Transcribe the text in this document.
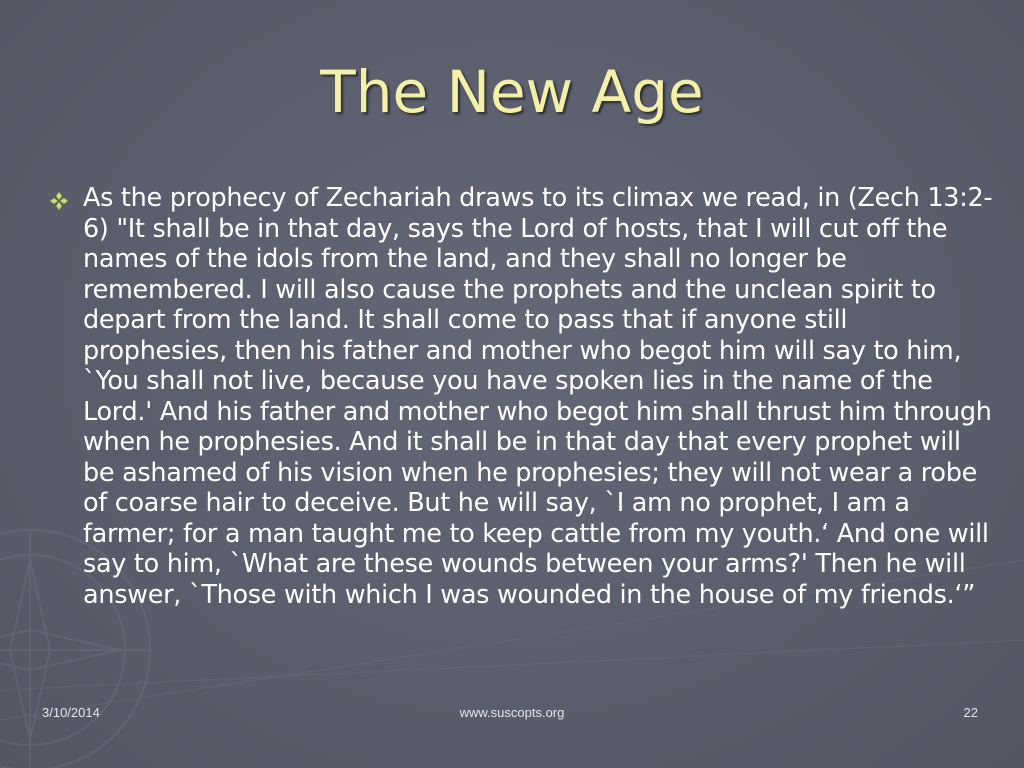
The New Age
As the prophecy of Zechariah draws to its climax we read, in (Zech 13:2-6) "It shall be in that day, says the Lord of hosts, that I will cut off the names of the idols from the land, and they shall no longer be remembered. I will also cause the prophets and the unclean spirit to depart from the land. It shall come to pass that if anyone still prophesies, then his father and mother who begot him will say to him, `You shall not live, because you have spoken lies in the name of the Lord.' And his father and mother who begot him shall thrust him through when he prophesies. And it shall be in that day that every prophet will be ashamed of his vision when he prophesies; they will not wear a robe of coarse hair to deceive. But he will say, `I am no prophet, I am a farmer; for a man taught me to keep cattle from my youth.‘ And one will say to him, `What are these wounds between your arms?' Then he will answer, `Those with which I was wounded in the house of my friends.‘”
3/10/2014	www.suscopts.org	22
